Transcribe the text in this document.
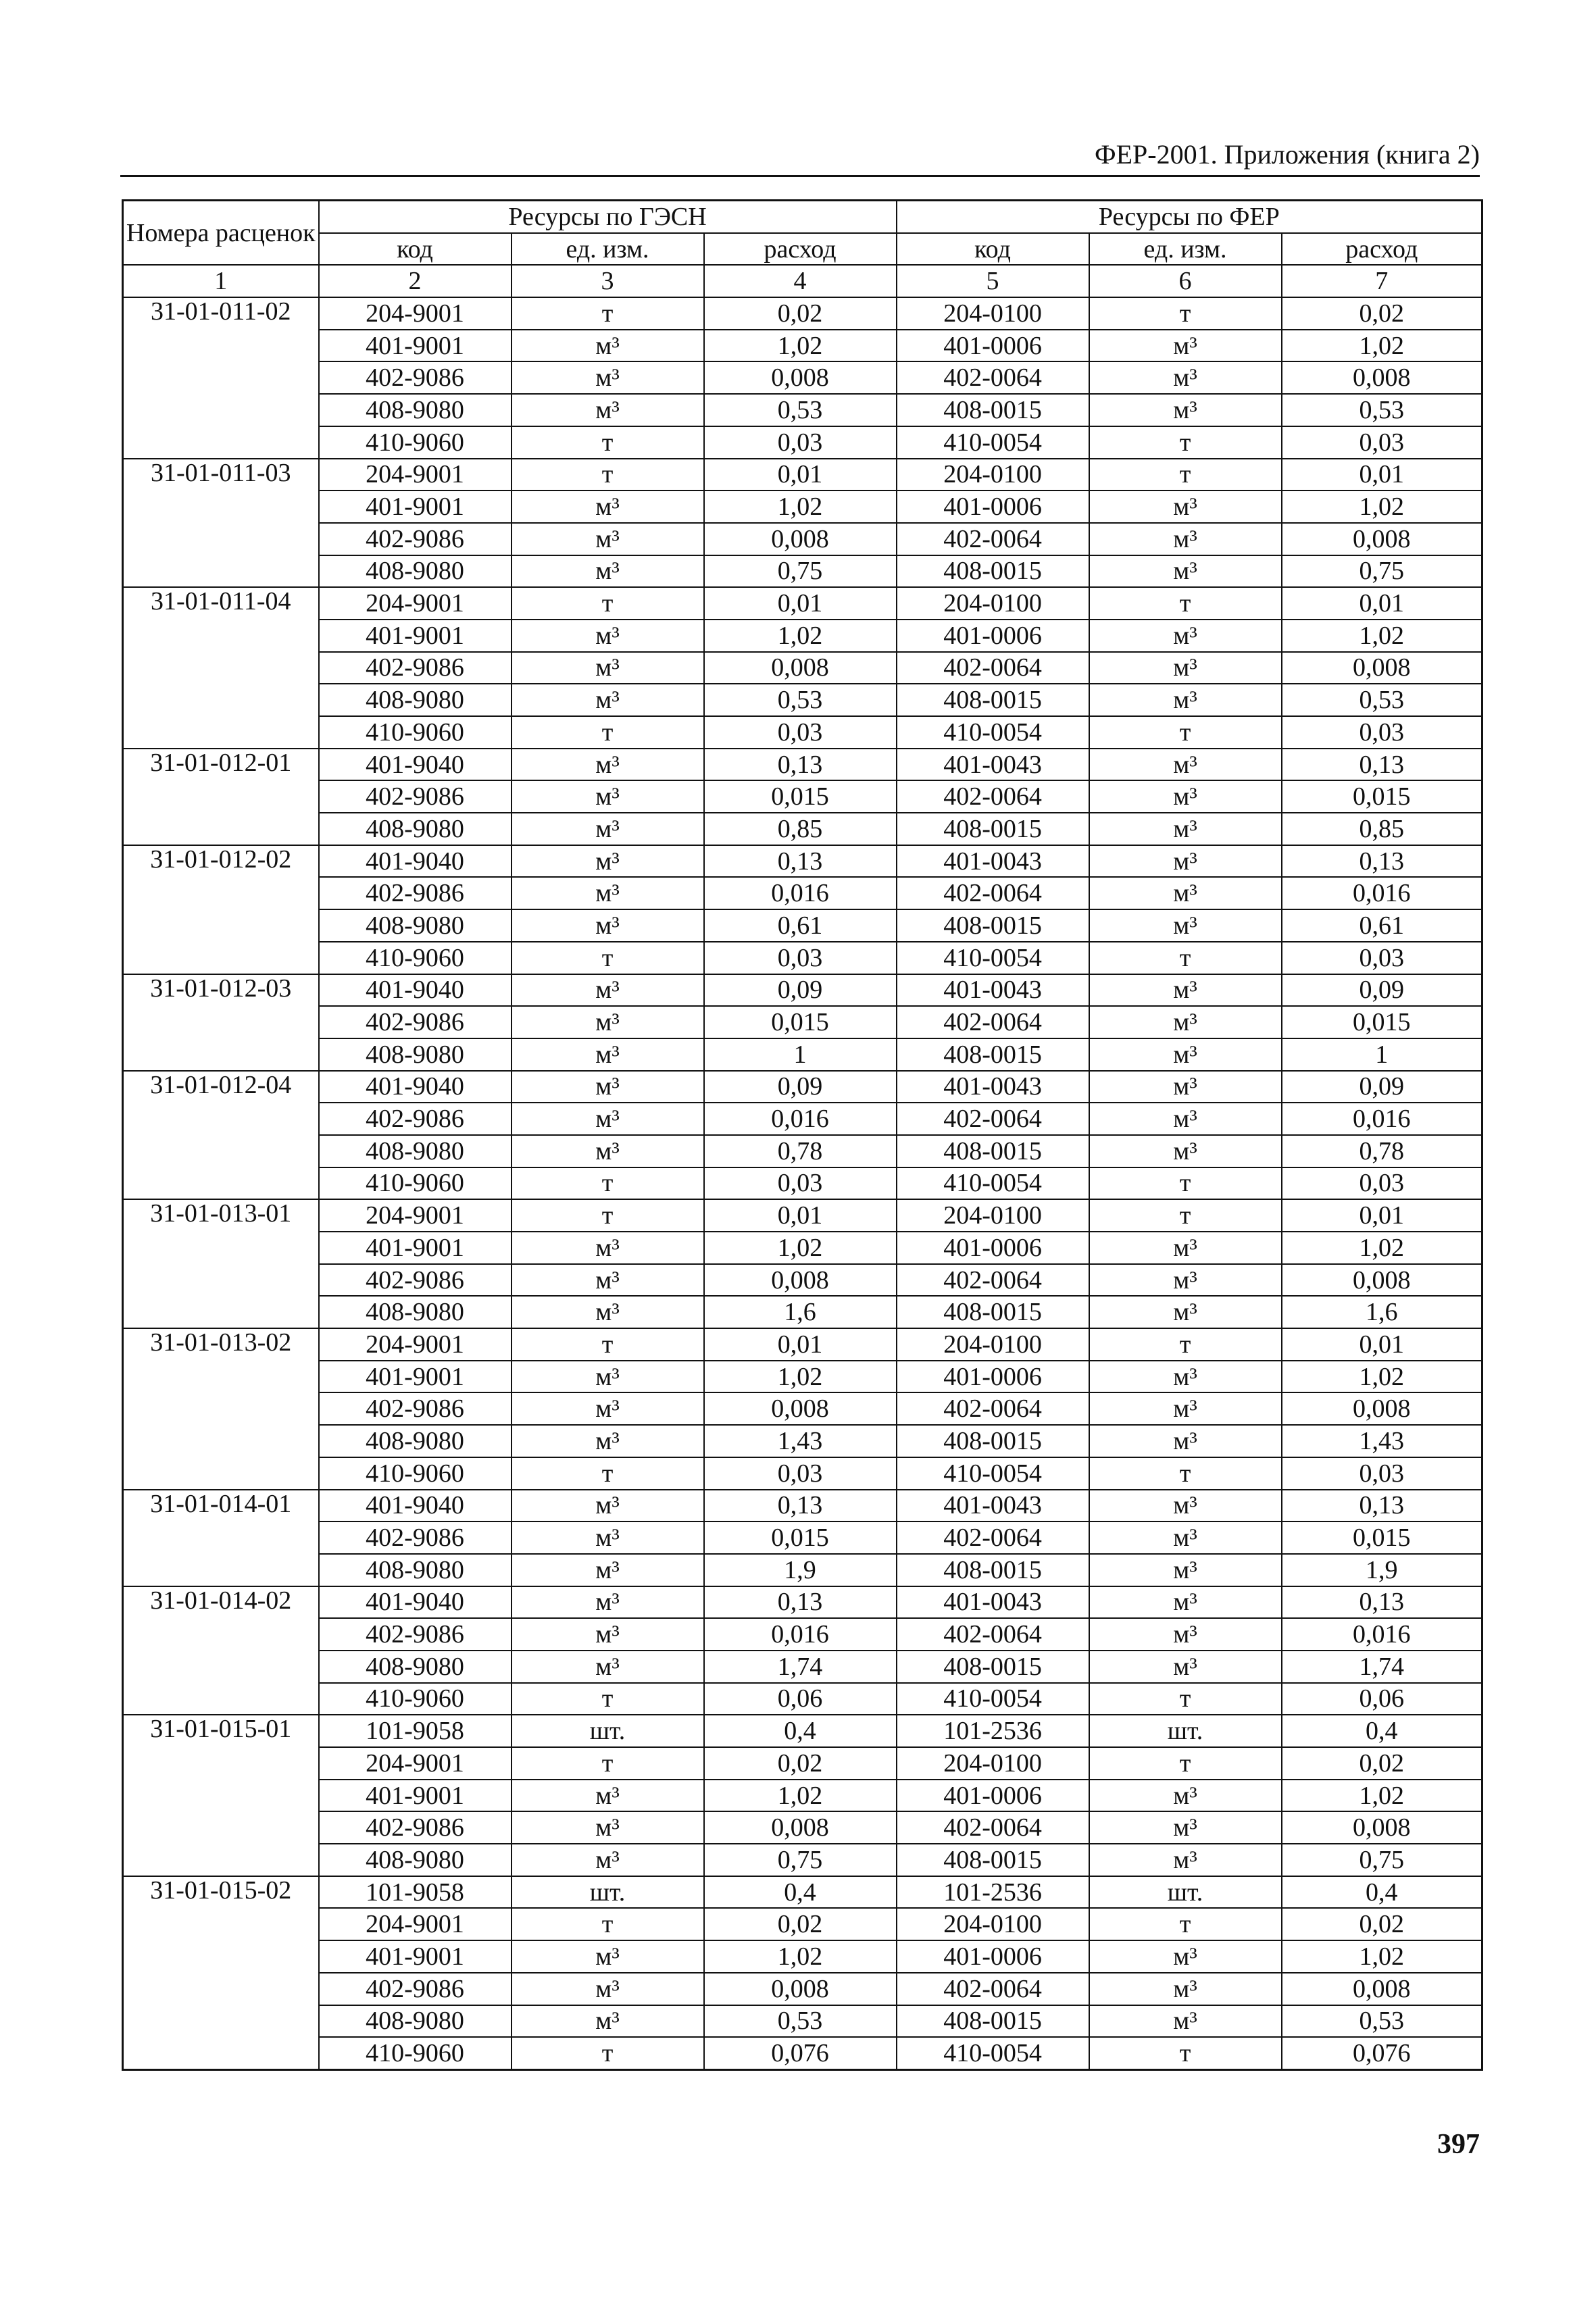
ФЕР-2001. Приложения (книга 2)
Номера расценок	Ресурсы по ГЭСН			Ресурсы по ФЕР		
	код	ед. изм.	расход	код	ед. изм.	расход
1	2	3	4	5	6	7
31-01-011-02	204-9001	т	0,02	204-0100	т	0,02
	401-9001	м³	1,02	401-0006	м³	1,02
	402-9086	м³	0,008	402-0064	м³	0,008
	408-9080	м³	0,53	408-0015	м³	0,53
	410-9060	т	0,03	410-0054	т	0,03
31-01-011-03	204-9001	т	0,01	204-0100	т	0,01
	401-9001	м³	1,02	401-0006	м³	1,02
	402-9086	м³	0,008	402-0064	м³	0,008
	408-9080	м³	0,75	408-0015	м³	0,75
31-01-011-04	204-9001	т	0,01	204-0100	т	0,01
	401-9001	м³	1,02	401-0006	м³	1,02
	402-9086	м³	0,008	402-0064	м³	0,008
	408-9080	м³	0,53	408-0015	м³	0,53
	410-9060	т	0,03	410-0054	т	0,03
31-01-012-01	401-9040	м³	0,13	401-0043	м³	0,13
	402-9086	м³	0,015	402-0064	м³	0,015
	408-9080	м³	0,85	408-0015	м³	0,85
31-01-012-02	401-9040	м³	0,13	401-0043	м³	0,13
	402-9086	м³	0,016	402-0064	м³	0,016
	408-9080	м³	0,61	408-0015	м³	0,61
	410-9060	т	0,03	410-0054	т	0,03
31-01-012-03	401-9040	м³	0,09	401-0043	м³	0,09
	402-9086	м³	0,015	402-0064	м³	0,015
	408-9080	м³	1	408-0015	м³	1
31-01-012-04	401-9040	м³	0,09	401-0043	м³	0,09
	402-9086	м³	0,016	402-0064	м³	0,016
	408-9080	м³	0,78	408-0015	м³	0,78
	410-9060	т	0,03	410-0054	т	0,03
31-01-013-01	204-9001	т	0,01	204-0100	т	0,01
	401-9001	м³	1,02	401-0006	м³	1,02
	402-9086	м³	0,008	402-0064	м³	0,008
	408-9080	м³	1,6	408-0015	м³	1,6
31-01-013-02	204-9001	т	0,01	204-0100	т	0,01
	401-9001	м³	1,02	401-0006	м³	1,02
	402-9086	м³	0,008	402-0064	м³	0,008
	408-9080	м³	1,43	408-0015	м³	1,43
	410-9060	т	0,03	410-0054	т	0,03
31-01-014-01	401-9040	м³	0,13	401-0043	м³	0,13
	402-9086	м³	0,015	402-0064	м³	0,015
	408-9080	м³	1,9	408-0015	м³	1,9
31-01-014-02	401-9040	м³	0,13	401-0043	м³	0,13
	402-9086	м³	0,016	402-0064	м³	0,016
	408-9080	м³	1,74	408-0015	м³	1,74
	410-9060	т	0,06	410-0054	т	0,06
31-01-015-01	101-9058	шт.	0,4	101-2536	шт.	0,4
	204-9001	т	0,02	204-0100	т	0,02
	401-9001	м³	1,02	401-0006	м³	1,02
	402-9086	м³	0,008	402-0064	м³	0,008
	408-9080	м³	0,75	408-0015	м³	0,75
31-01-015-02	101-9058	шт.	0,4	101-2536	шт.	0,4
	204-9001	т	0,02	204-0100	т	0,02
	401-9001	м³	1,02	401-0006	м³	1,02
	402-9086	м³	0,008	402-0064	м³	0,008
	408-9080	м³	0,53	408-0015	м³	0,53
	410-9060	т	0,076	410-0054	т	0,076
397
